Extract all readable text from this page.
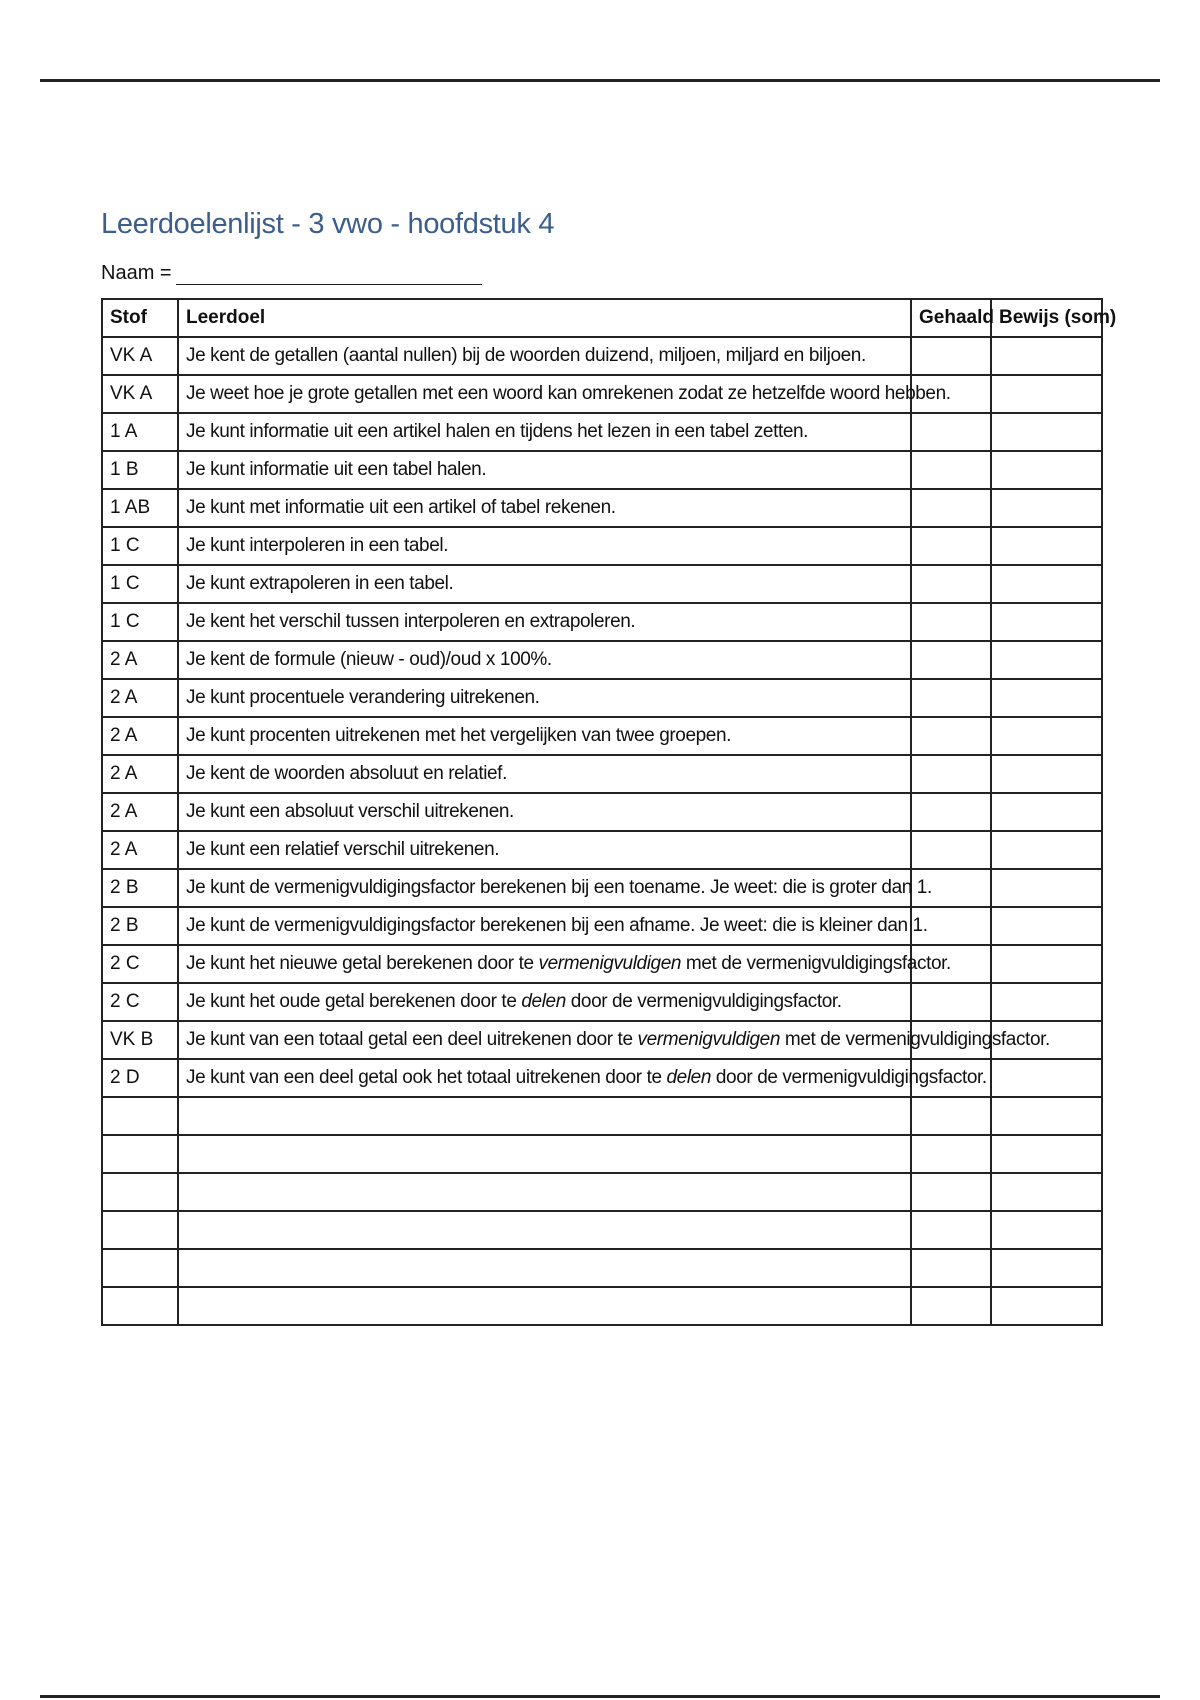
Leerdoelenlijst - 3 vwo - hoofdstuk 4
Naam =
Stof	Leerdoel	Gehaald	Bewijs (som)
VK A	Je kent de getallen (aantal nullen) bij de woorden duizend, miljoen, miljard en biljoen.		
VK A	Je weet hoe je grote getallen met een woord kan omrekenen zodat ze hetzelfde woord hebben.		
1 A	Je kunt informatie uit een artikel halen en tijdens het lezen in een tabel zetten.		
1 B	Je kunt informatie uit een tabel halen.		
1 AB	Je kunt met informatie uit een artikel of tabel rekenen.		
1 C	Je kunt interpoleren in een tabel.		
1 C	Je kunt extrapoleren in een tabel.		
1 C	Je kent het verschil tussen interpoleren en extrapoleren.		
2 A	Je kent de formule (nieuw - oud)/oud x 100%.		
2 A	Je kunt procentuele verandering uitrekenen.		
2 A	Je kunt procenten uitrekenen met het vergelijken van twee groepen.		
2 A	Je kent de woorden absoluut en relatief.		
2 A	Je kunt een absoluut verschil uitrekenen.		
2 A	Je kunt een relatief verschil uitrekenen.		
2 B	Je kunt de vermenigvuldigingsfactor berekenen bij een toename. Je weet: die is groter dan 1.		
2 B	Je kunt de vermenigvuldigingsfactor berekenen bij een afname. Je weet: die is kleiner dan 1.		
2 C	Je kunt het nieuwe getal berekenen door te vermenigvuldigen met de vermenigvuldigingsfactor.		
2 C	Je kunt het oude getal berekenen door te delen door de vermenigvuldigingsfactor.		
VK B	Je kunt van een totaal getal een deel uitrekenen door te vermenigvuldigen met de vermenigvuldigingsfactor.		
2 D	Je kunt van een deel getal ook het totaal uitrekenen door te delen door de vermenigvuldigingsfactor.		
